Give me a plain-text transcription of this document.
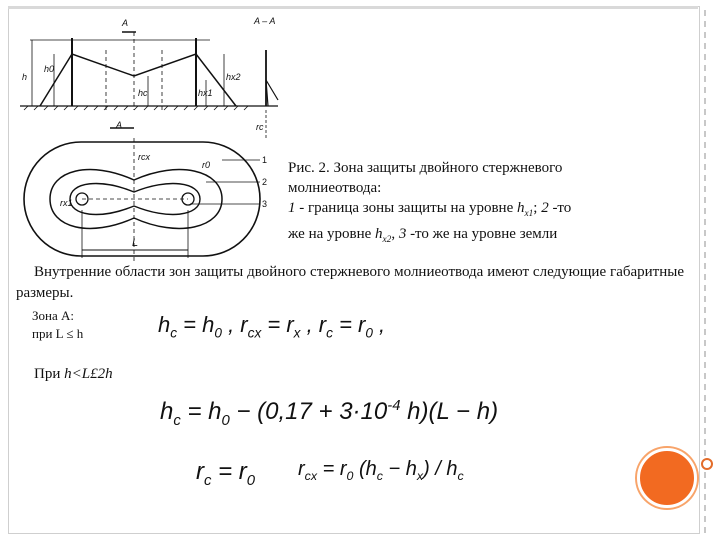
A	A – A
h
h0
hc
hx2
hx1
A
rcx
r0
rc
rx1
1
2
3
L
Рис. 2. Зона защиты двойного стержневого
молниеотвода:
1 - граница зоны защиты на уровне $h_{x1}$; 2 -то
же на уровне $h_{x2}$, 3 -то же на уровне земли
Внутренние области зон защиты двойного стержневого молниеотвода имеют следующие габаритные размеры.
Зона А:
при L ≤ h
При h<L£2h
$h_c = h_0$ , $r_{cx} = r_x$ , $r_c = r_0$ ,
$h_c = h_0 - (0,17 + 3\cdot 10^{-4}$ h)(L − h)
$r_c = r_0$
$r_{cx} = r_0$ $(h_c - h_x) / h_c$
